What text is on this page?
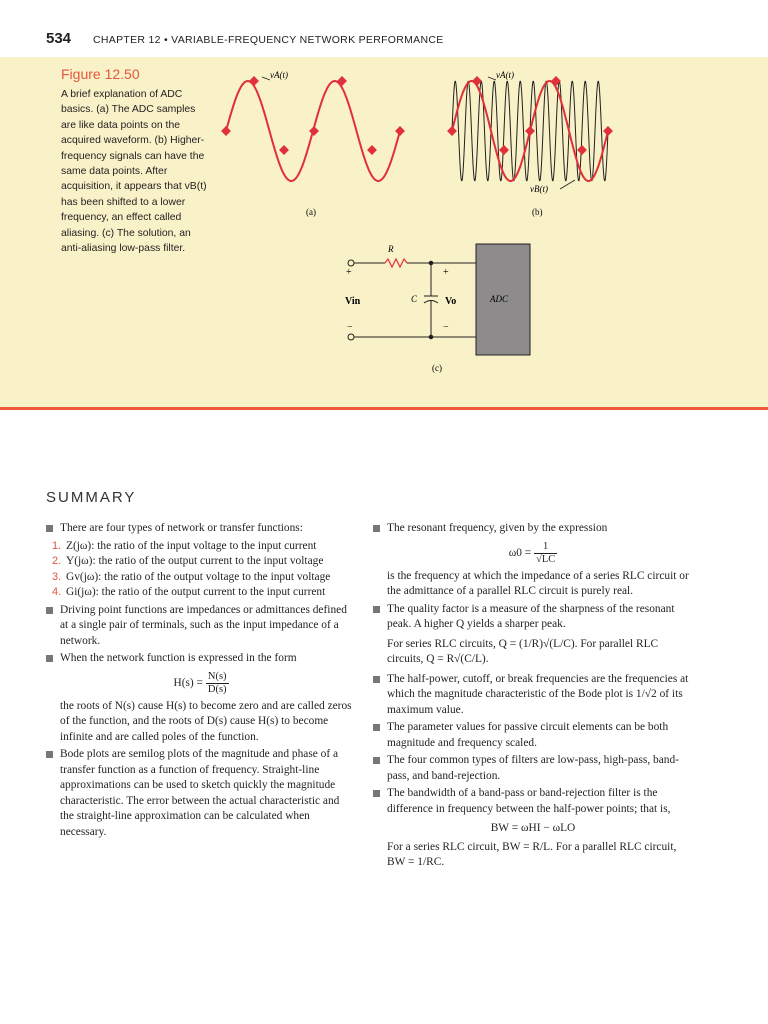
534 CHAPTER 12 • VARIABLE-FREQUENCY NETWORK PERFORMANCE
Figure 12.50
A brief explanation of ADC basics. (a) The ADC samples are like data points on the acquired waveform. (b) Higher-frequency signals can have the same data points. After acquisition, it appears that vB(t) has been shifted to a lower frequency, an effect called aliasing. (c) The solution, an anti-aliasing low-pass filter.
vA(t)
(a)
vA(t)
vB(t)
(b)
ADC
R
C
+
Vin
−
+
Vo
−
(c)
SUMMARY
There are four types of network or transfer functions:
1. Z(jω): the ratio of the input voltage to the input current
2. Y(jω): the ratio of the output current to the input voltage
3. Gv(jω): the ratio of the output voltage to the input voltage
4. Gi(jω): the ratio of the output current to the input current
Driving point functions are impedances or admittances defined at a single pair of terminals, such as the input impedance of a network.
When the network function is expressed in the form
$H(s) = \frac{N(s)}{D(s)}$
the roots of N(s) cause H(s) to become zero and are called zeros of the function, and the roots of D(s) cause H(s) to become infinite and are called poles of the function.
Bode plots are semilog plots of the magnitude and phase of a transfer function as a function of frequency. Straight-line approximations can be used to sketch quickly the magnitude characteristic. The error between the actual characteristic and the straight-line approximation can be calculated when necessary.
The resonant frequency, given by the expression
$\omega 0 = \frac{1}{√LC}$
is the frequency at which the impedance of a series RLC circuit or the admittance of a parallel RLC circuit is purely real.
The quality factor is a measure of the sharpness of the resonant peak. A higher Q yields a sharper peak.
For series RLC circuits, Q = (1/R)√(L/C). For parallel RLC circuits, Q = R√(C/L).
The half-power, cutoff, or break frequencies are the frequencies at which the magnitude characteristic of the Bode plot is 1/√2 of its maximum value.
The parameter values for passive circuit elements can be both magnitude and frequency scaled.
The four common types of filters are low-pass, high-pass, band-pass, and band-rejection.
The bandwidth of a band-pass or band-rejection filter is the difference in frequency between the half-power points; that is,
BW = ωHI − ωLO
For a series RLC circuit, BW = R/L. For a parallel RLC circuit, BW = 1/RC.
